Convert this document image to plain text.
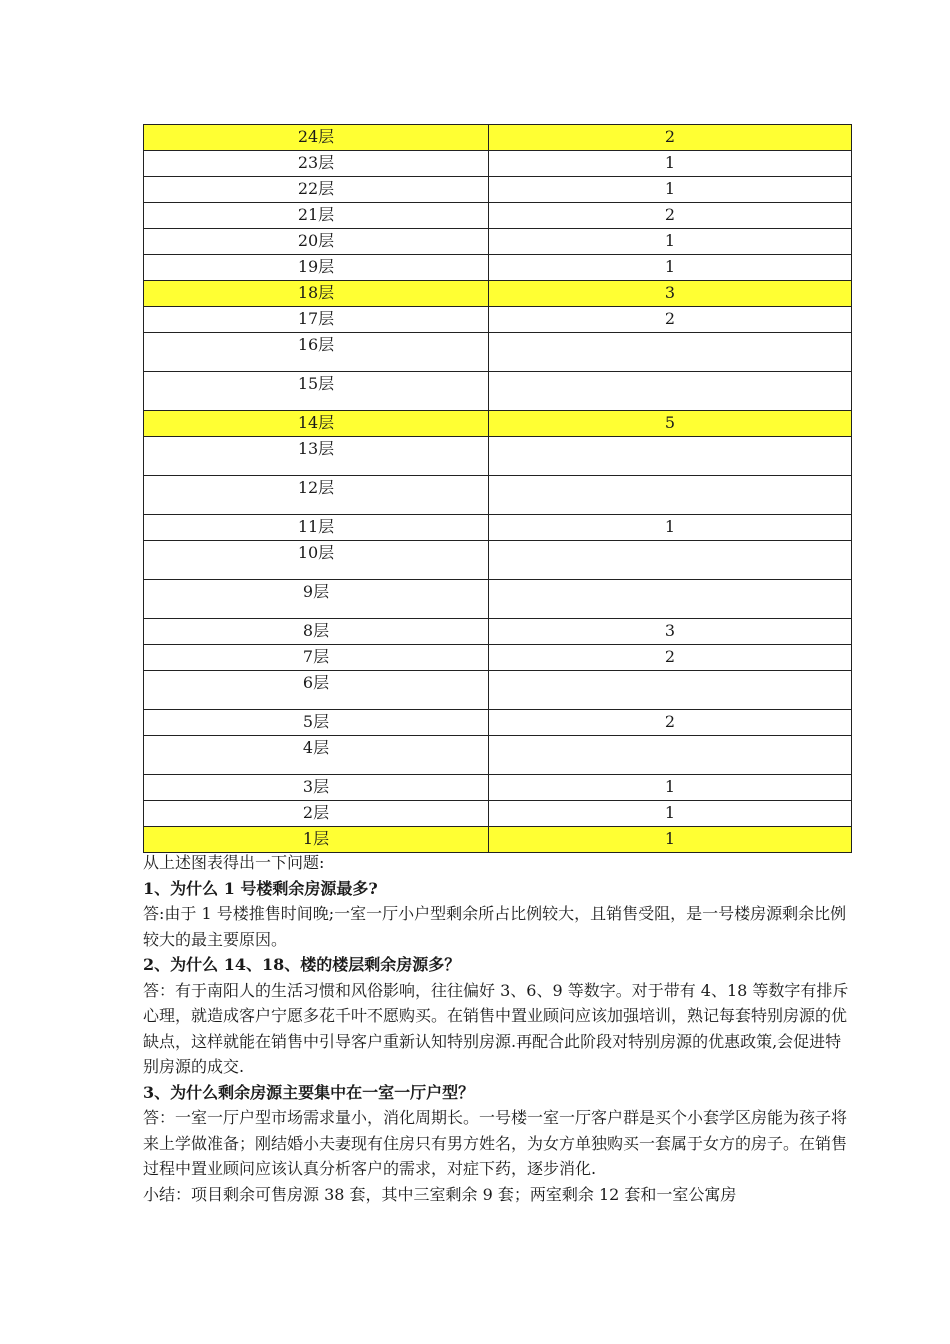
24层	2
23层	1
22层	1
21层	2
20层	1
19层	1
18层	3
17层	2
16层	
15层	
14层	5
13层	
12层	
11层	1
10层	
9层	
8层	3
7层	2
6层	
5层	2
4层	
3层	1
2层	1
1层	1

从上述图表得出一下问题:

1、为什么 1 号楼剩余房源最多?

答:由于 1 号楼推售时间晚;一室一厅小户型剩余所占比例较大，且销售受阻，是一号楼房源剩余比例较大的最主要原因。

2、为什么 14、18、楼的楼层剩余房源多？

答：有于南阳人的生活习惯和风俗影响，往往偏好 3、6、9 等数字。对于带有 4、18 等数字有排斥心理，就造成客户宁愿多花千叶不愿购买。在销售中置业顾问应该加强培训，熟记每套特别房源的优缺点，这样就能在销售中引导客户重新认知特别房源.再配合此阶段对特别房源的优惠政策,会促进特别房源的成交.

3、为什么剩余房源主要集中在一室一厅户型？

答：一室一厅户型市场需求量小，消化周期长。一号楼一室一厅客户群是买个小套学区房能为孩子将来上学做准备；刚结婚小夫妻现有住房只有男方姓名，为女方单独购买一套属于女方的房子。在销售过程中置业顾问应该认真分析客户的需求，对症下药，逐步消化.

小结：项目剩余可售房源 38 套，其中三室剩余 9 套；两室剩余 12 套和一室公寓房
